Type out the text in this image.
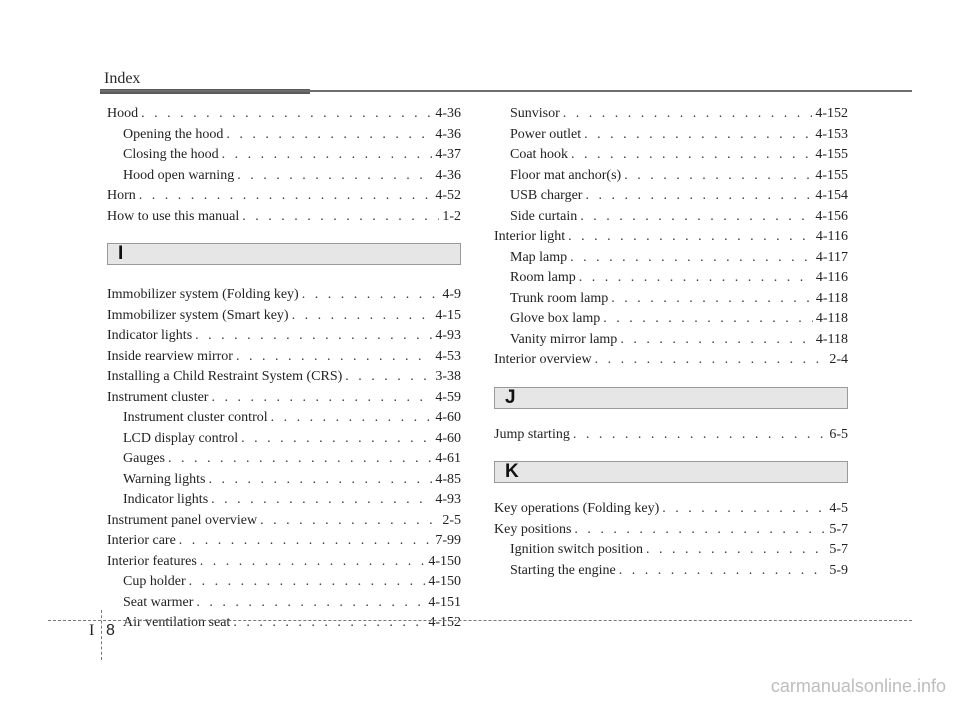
Index
Hood . . .	4-36
Opening the hood . . .	4-36
Closing the hood . . .	4-37
Hood open warning . . .	4-36
Horn . . .	4-52
How to use this manual . . .	1-2
I
Immobilizer system (Folding key) . . .	4-9
Immobilizer system (Smart key) . . .	4-15
Indicator lights . . .	4-93
Inside rearview mirror . . .	4-53
Installing a Child Restraint System (CRS) . . .	3-38
Instrument cluster . . .	4-59
Instrument cluster control . . .	4-60
LCD display control . . .	4-60
Gauges . . .	4-61
Warning lights . . .	4-85
Indicator lights . . .	4-93
Instrument panel overview . . .	2-5
Interior care . . .	7-99
Interior features . . .	4-150
Cup holder . . .	4-150
Seat warmer . . .	4-151
Air ventilation seat . . .	4-152
Sunvisor . . .	4-152
Power outlet . . .	4-153
Coat hook . . .	4-155
Floor mat anchor(s) . . .	4-155
USB charger . . .	4-154
Side curtain . . .	4-156
Interior light . . .	4-116
Map lamp . . .	4-117
Room lamp . . .	4-116
Trunk room lamp . . .	4-118
Glove box lamp . . .	4-118
Vanity mirror lamp . . .	4-118
Interior overview . . .	2-4
J
Jump starting . . .	6-5
K
Key operations (Folding key) . . .	4-5
Key positions . . .	5-7
Ignition switch position . . .	5-7
Starting the engine . . .	5-9
I 8
carmanualsonline.info
